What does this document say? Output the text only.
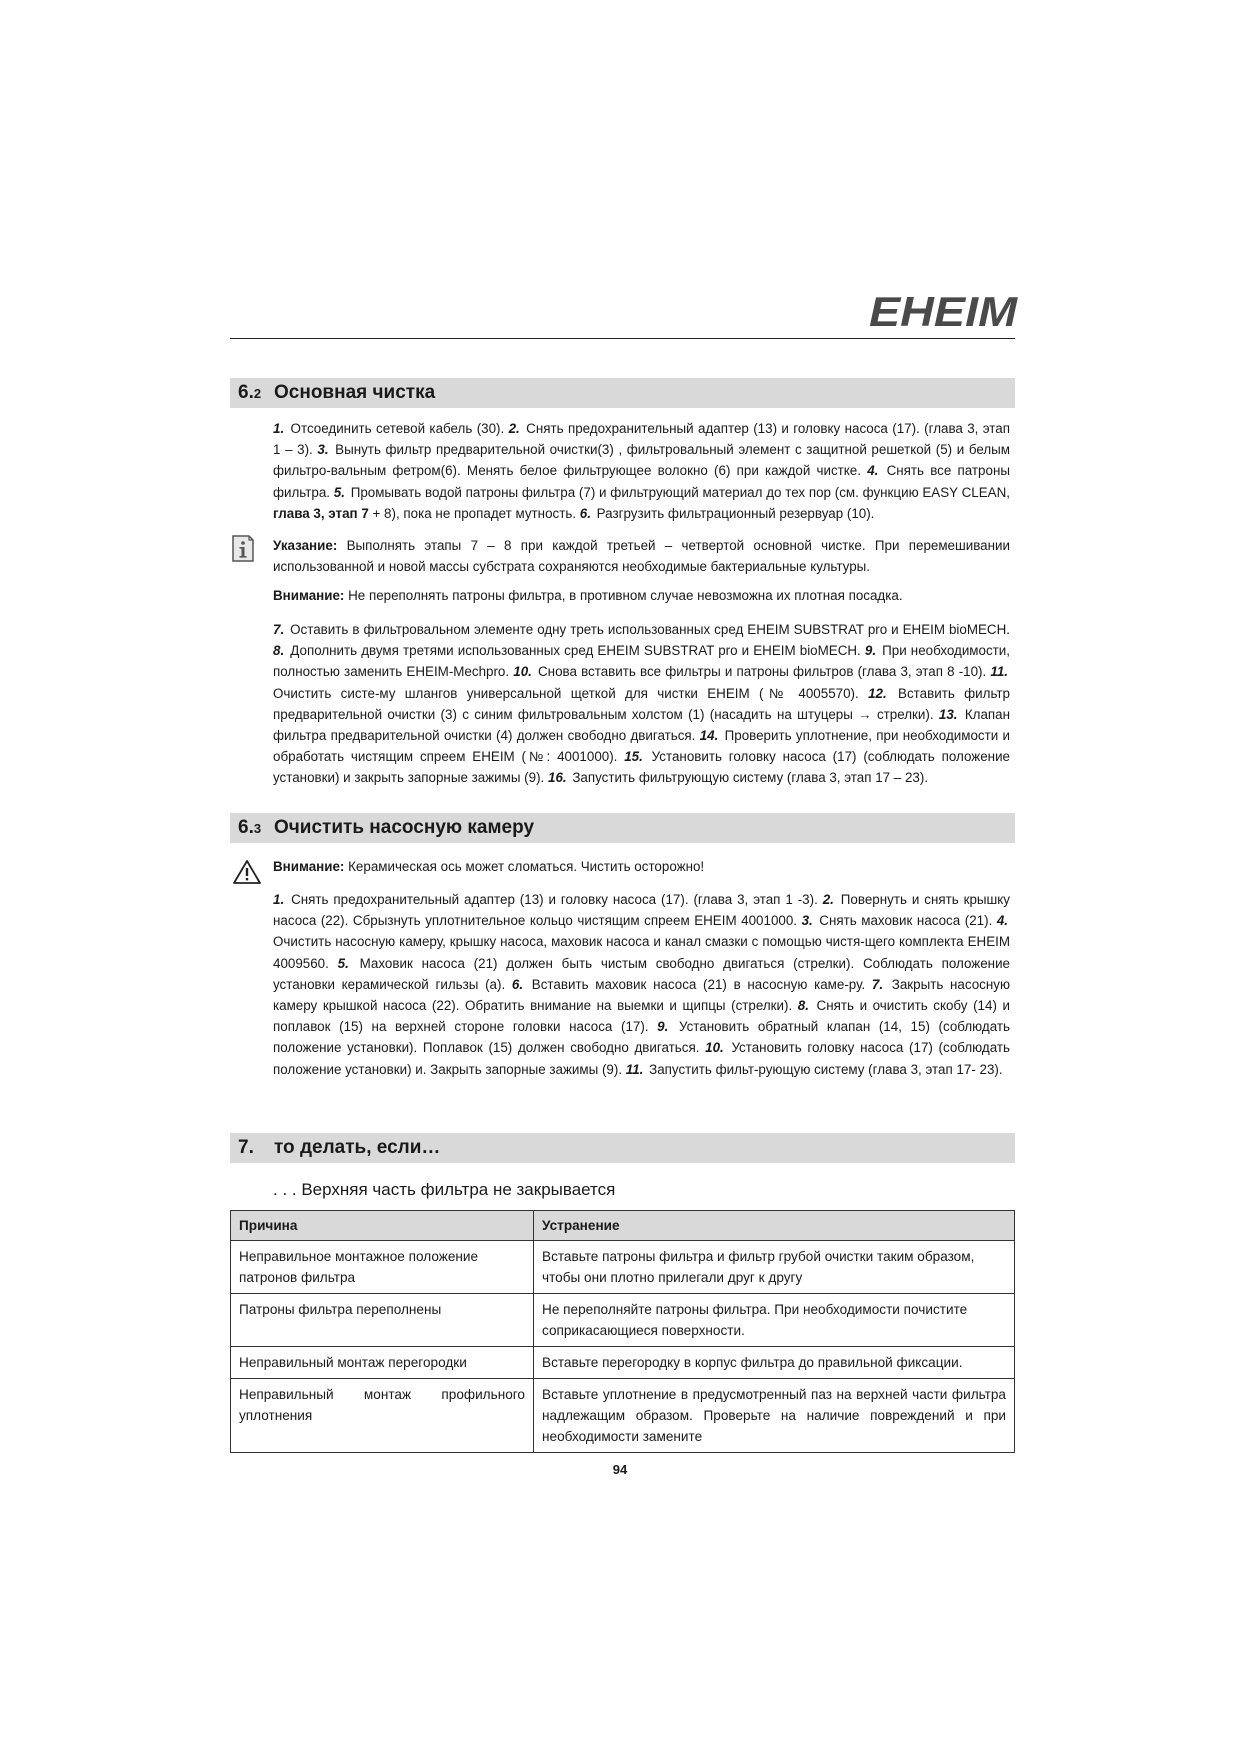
EHEIM
6.2 Основная чистка
1. Отсоединить сетевой кабель (30). 2. Снять предохранительный адаптер (13) и головку насоса (17). (глава 3, этап 1 – 3). 3. Вынуть фильтр предварительной очистки(3) , фильтровальный элемент с защитной решеткой (5) и белым фильтро-вальным фетром(6). Менять белое фильтрующее волокно (6) при каждой чистке. 4. Снять все патроны фильтра. 5. Промывать водой патроны фильтра (7) и фильтрующий материал до тех пор (см. функцию EASY CLEAN, глава 3, этап 7 + 8), пока не пропадет мутность. 6. Разгрузить фильтрационный резервуар (10).
Указание: Выполнять этапы 7 – 8 при каждой третьей – четвертой основной чистке. При перемешивании использованной и новой массы субстрата сохраняются необходимые бактериальные культуры.
Внимание: Не переполнять патроны фильтра, в противном случае невозможна их плотная посадка.
7. Оставить в фильтровальном элементе одну треть использованных сред EHEIM SUBSTRAT pro и EHEIM bioMECH. 8. Дополнить двумя третями использованных сред EHEIM SUBSTRAT pro и EHEIM bioMECH. 9. При необходимости, полностью заменить EHEIM-Mechpro. 10. Снова вставить все фильтры и патроны фильтров (глава 3, этап 8 -10). 11. Очистить систе-му шлангов универсальной щеткой для чистки EHEIM (№ 4005570). 12. Вставить фильтр предварительной очистки (3) с синим фильтровальным холстом (1) (насадить на штуцеры → стрелки). 13. Клапан фильтра предварительной очистки (4) должен свободно двигаться. 14. Проверить уплотнение, при необходимости и обработать чистящим спреем EHEIM (№: 4001000). 15. Установить головку насоса (17) (соблюдать положение установки) и закрыть запорные зажимы (9). 16. Запустить фильтрующую систему (глава 3, этап 17 – 23).
6.3 Очистить насосную камеру
Внимание: Керамическая ось может сломаться. Чистить осторожно!
1. Снять предохранительный адаптер (13) и головку насоса (17). (глава 3, этап 1 -3). 2. Повернуть и снять крышку насоса (22). Сбрызнуть уплотнительное кольцо чистящим спреем EHEIM 4001000. 3. Снять маховик насоса (21). 4. Очистить насосную камеру, крышку насоса, маховик насоса и канал смазки с помощью чистя-щего комплекта EHEIM 4009560. 5. Маховик насоса (21) должен быть чистым свободно двигаться (стрелки). Соблюдать положение установки керамической гильзы (а). 6. Вставить маховик насоса (21) в насосную каме-ру. 7. Закрыть насосную камеру крышкой насоса (22). Обратить внимание на выемки и щипцы (стрелки). 8. Снять и очистить скобу (14) и поплавок (15) на верхней стороне головки насоса (17). 9. Установить обратный клапан (14, 15) (соблюдать положение установки). Поплавок (15) должен свободно двигаться. 10. Установить головку насоса (17) (соблюдать положение установки) и. Закрыть запорные зажимы (9). 11. Запустить фильт-рующую систему (глава 3, этап 17- 23).
7. то делать, если…
. . . Верхняя часть фильтра не закрывается
Причина	Устранение
Неправильное монтажное положение патронов фильтра	Вставьте патроны фильтра и фильтр грубой очистки таким образом, чтобы они плотно прилегали друг к другу
Патроны фильтра переполнены	Не переполняйте патроны фильтра. При необходимости почистите соприкасающиеся поверхности.
Неправильный монтаж перегородки	Вставьте перегородку в корпус фильтра до правильной фиксации.
Неправильный монтаж профильного уплотнения	Вставьте уплотнение в предусмотренный паз на верхней части фильтра надлежащим образом. Проверьте на наличие повреждений и при необходимости замените
94
